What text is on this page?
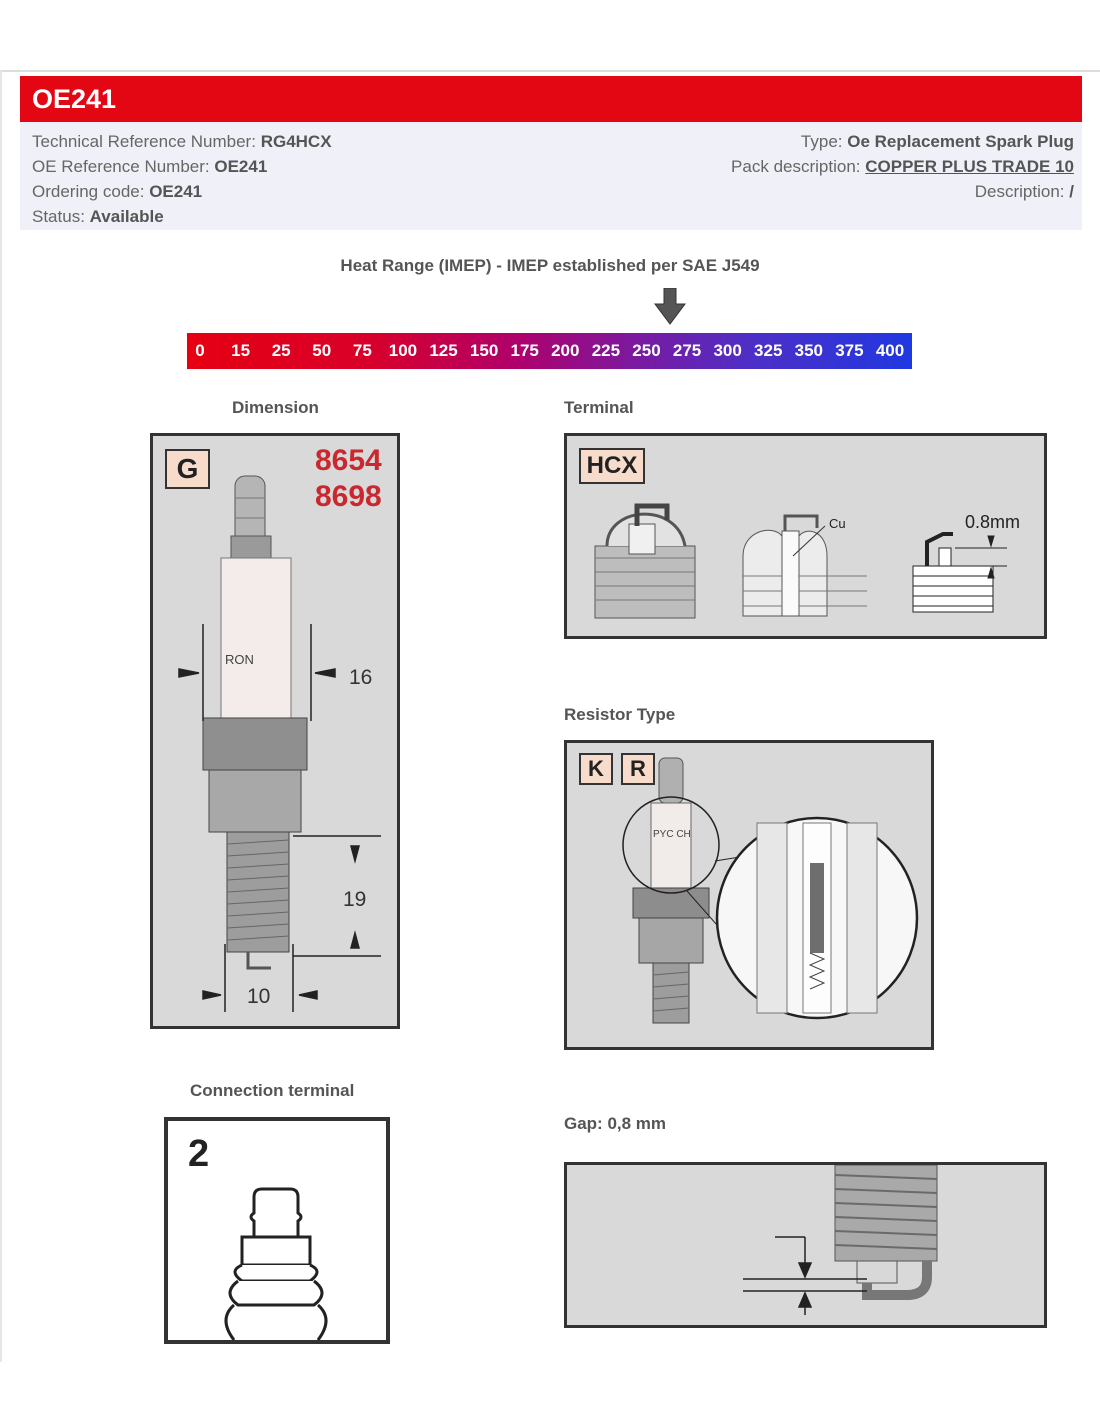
OE241
Technical Reference Number: RG4HCX
OE Reference Number: OE241
Ordering code: OE241
Status: Available
Type: Oe Replacement Spark Plug
Pack description: COPPER PLUS TRADE 10
Description: /
Heat Range (IMEP) - IMEP established per SAE J549
0 15 25 50 75 100 125 150 175 200 225 250 275 300 325 350 375 400
Dimension
G	8654
8698
RON
16
19
10
Terminal
HCX
Cu	0.8mm
Resistor Type
K	R
PYC CH
Connection terminal
2
Gap: 0,8 mm
